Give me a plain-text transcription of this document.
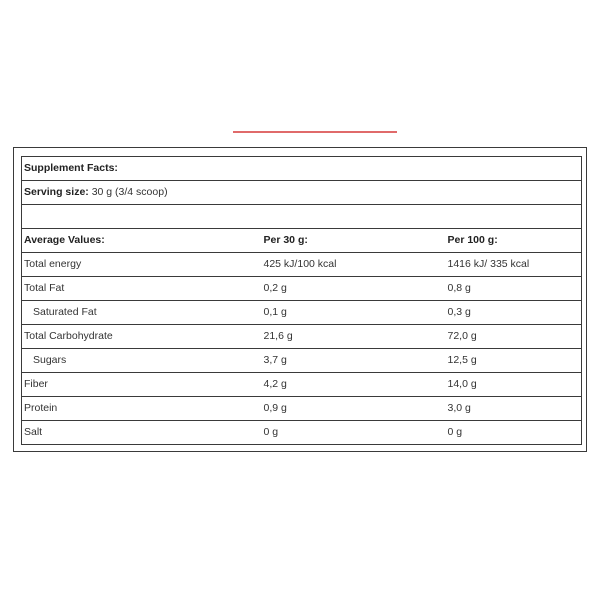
Supplement Facts:		
Serving size: 30 g (3/4 scoop)		

Average Values:	Per 30 g:	Per 100 g:
Total energy	425 kJ/100 kcal	1416 kJ/ 335 kcal
Total Fat	0,2 g	0,8 g
Saturated Fat	0,1 g	0,3 g
Total Carbohydrate	21,6 g	72,0 g
Sugars	3,7 g	12,5 g
Fiber	4,2 g	14,0 g
Protein	0,9 g	3,0 g
Salt	0 g	0 g
